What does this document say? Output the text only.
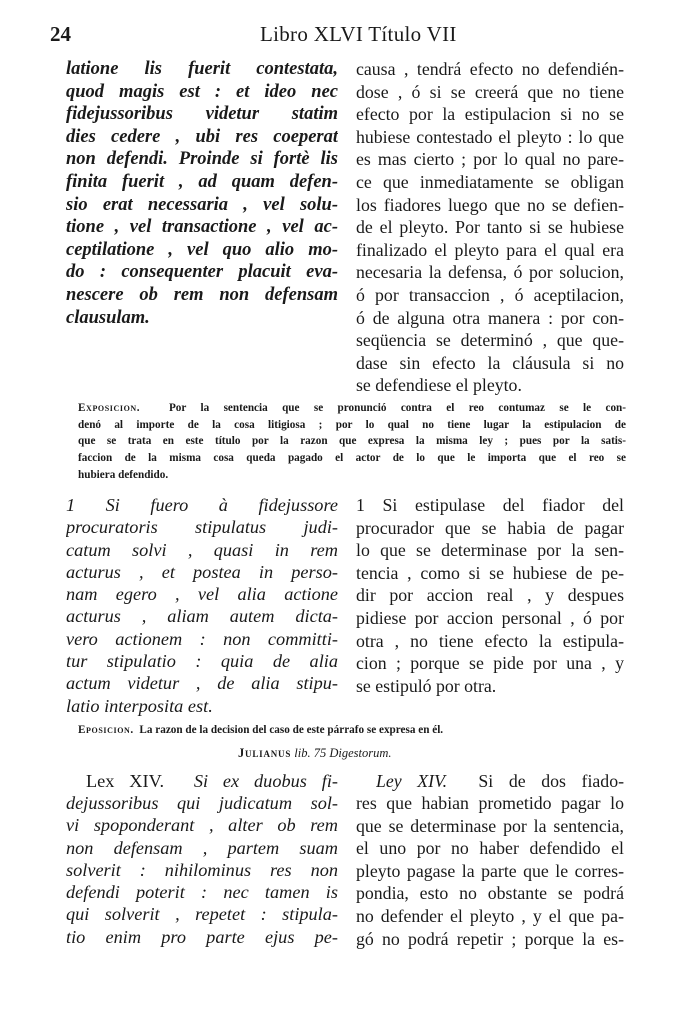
24	Libro XLVI Título VII
latione lis fuerit contestata,
quod magis est : et ideo nec
fidejussoribus videtur statim
dies cedere , ubi res coeperat
non defendi. Proinde si fortè lis
finita fuerit , ad quam defen-
sio erat necessaria , vel solu-
tione , vel transactione , vel ac-
ceptilatione , vel quo alio mo-
do : consequenter placuit eva-
nescere ob rem non defensam
clausulam.
causa , tendrá efecto no defendién-
dose , ó si se creerá que no tiene
efecto por la estipulacion si no se
hubiese contestado el pleyto : lo que
es mas cierto ; por lo qual no pare-
ce que inmediatamente se obligan
los fiadores luego que no se defien-
de el pleyto. Por tanto si se hubiese
finalizado el pleyto para el qual era
necesaria la defensa, ó por solucion,
ó por transaccion , ó aceptilacion,
ó de alguna otra manera : por con-
seqüencia se determinó , que que-
dase sin efecto la cláusula si no
se defendiese el pleyto.
Exposicion.	Por la sentencia que se pronunció contra el reo contumaz se le con-
denó al importe de la cosa litigiosa ; por lo qual no tiene lugar la estipulacion de
que se trata en este título por la razon que expresa la misma ley ; pues por la satis-
faccion de la misma cosa queda pagado el actor de lo que le importa que el reo se
hubiera defendido.
1 Si fuero à fidejussore
procuratoris stipulatus judi-
catum solvi , quasi in rem
acturus , et postea in perso-
nam egero , vel alia actione
acturus , aliam autem dicta-
vero actionem : non committi-
tur stipulatio : quia de alia
actum videtur , de alia stipu-
latio interposita est.
1 Si estipulase del fiador del
procurador que se habia de pagar
lo que se determinase por la sen-
tencia , como si se hubiese de pe-
dir por accion real , y despues
pidiese por accion personal , ó por
otra , no tiene efecto la estipula-
cion ; porque se pide por una , y
se estipuló por otra.
Eposicion. La razon de la decision del caso de este párrafo se expresa en él.
Julianus lib. 75 Digestorum.
Lex XIV. Si ex duobus fi-
dejussoribus qui judicatum sol-
vi spoponderant , alter ob rem
non defensam , partem suam
solverit : nihilominus res non
defendi poterit : nec tamen is
qui solverit , repetet : stipula-
tio enim pro parte ejus pe-
Ley XIV. Si de dos fiado-
res que habian prometido pagar lo
que se determinase por la sentencia,
el uno por no haber defendido el
pleyto pagase la parte que le corres-
pondia, esto no obstante se podrá
no defender el pleyto , y el que pa-
gó no podrá repetir ; porque la es-
